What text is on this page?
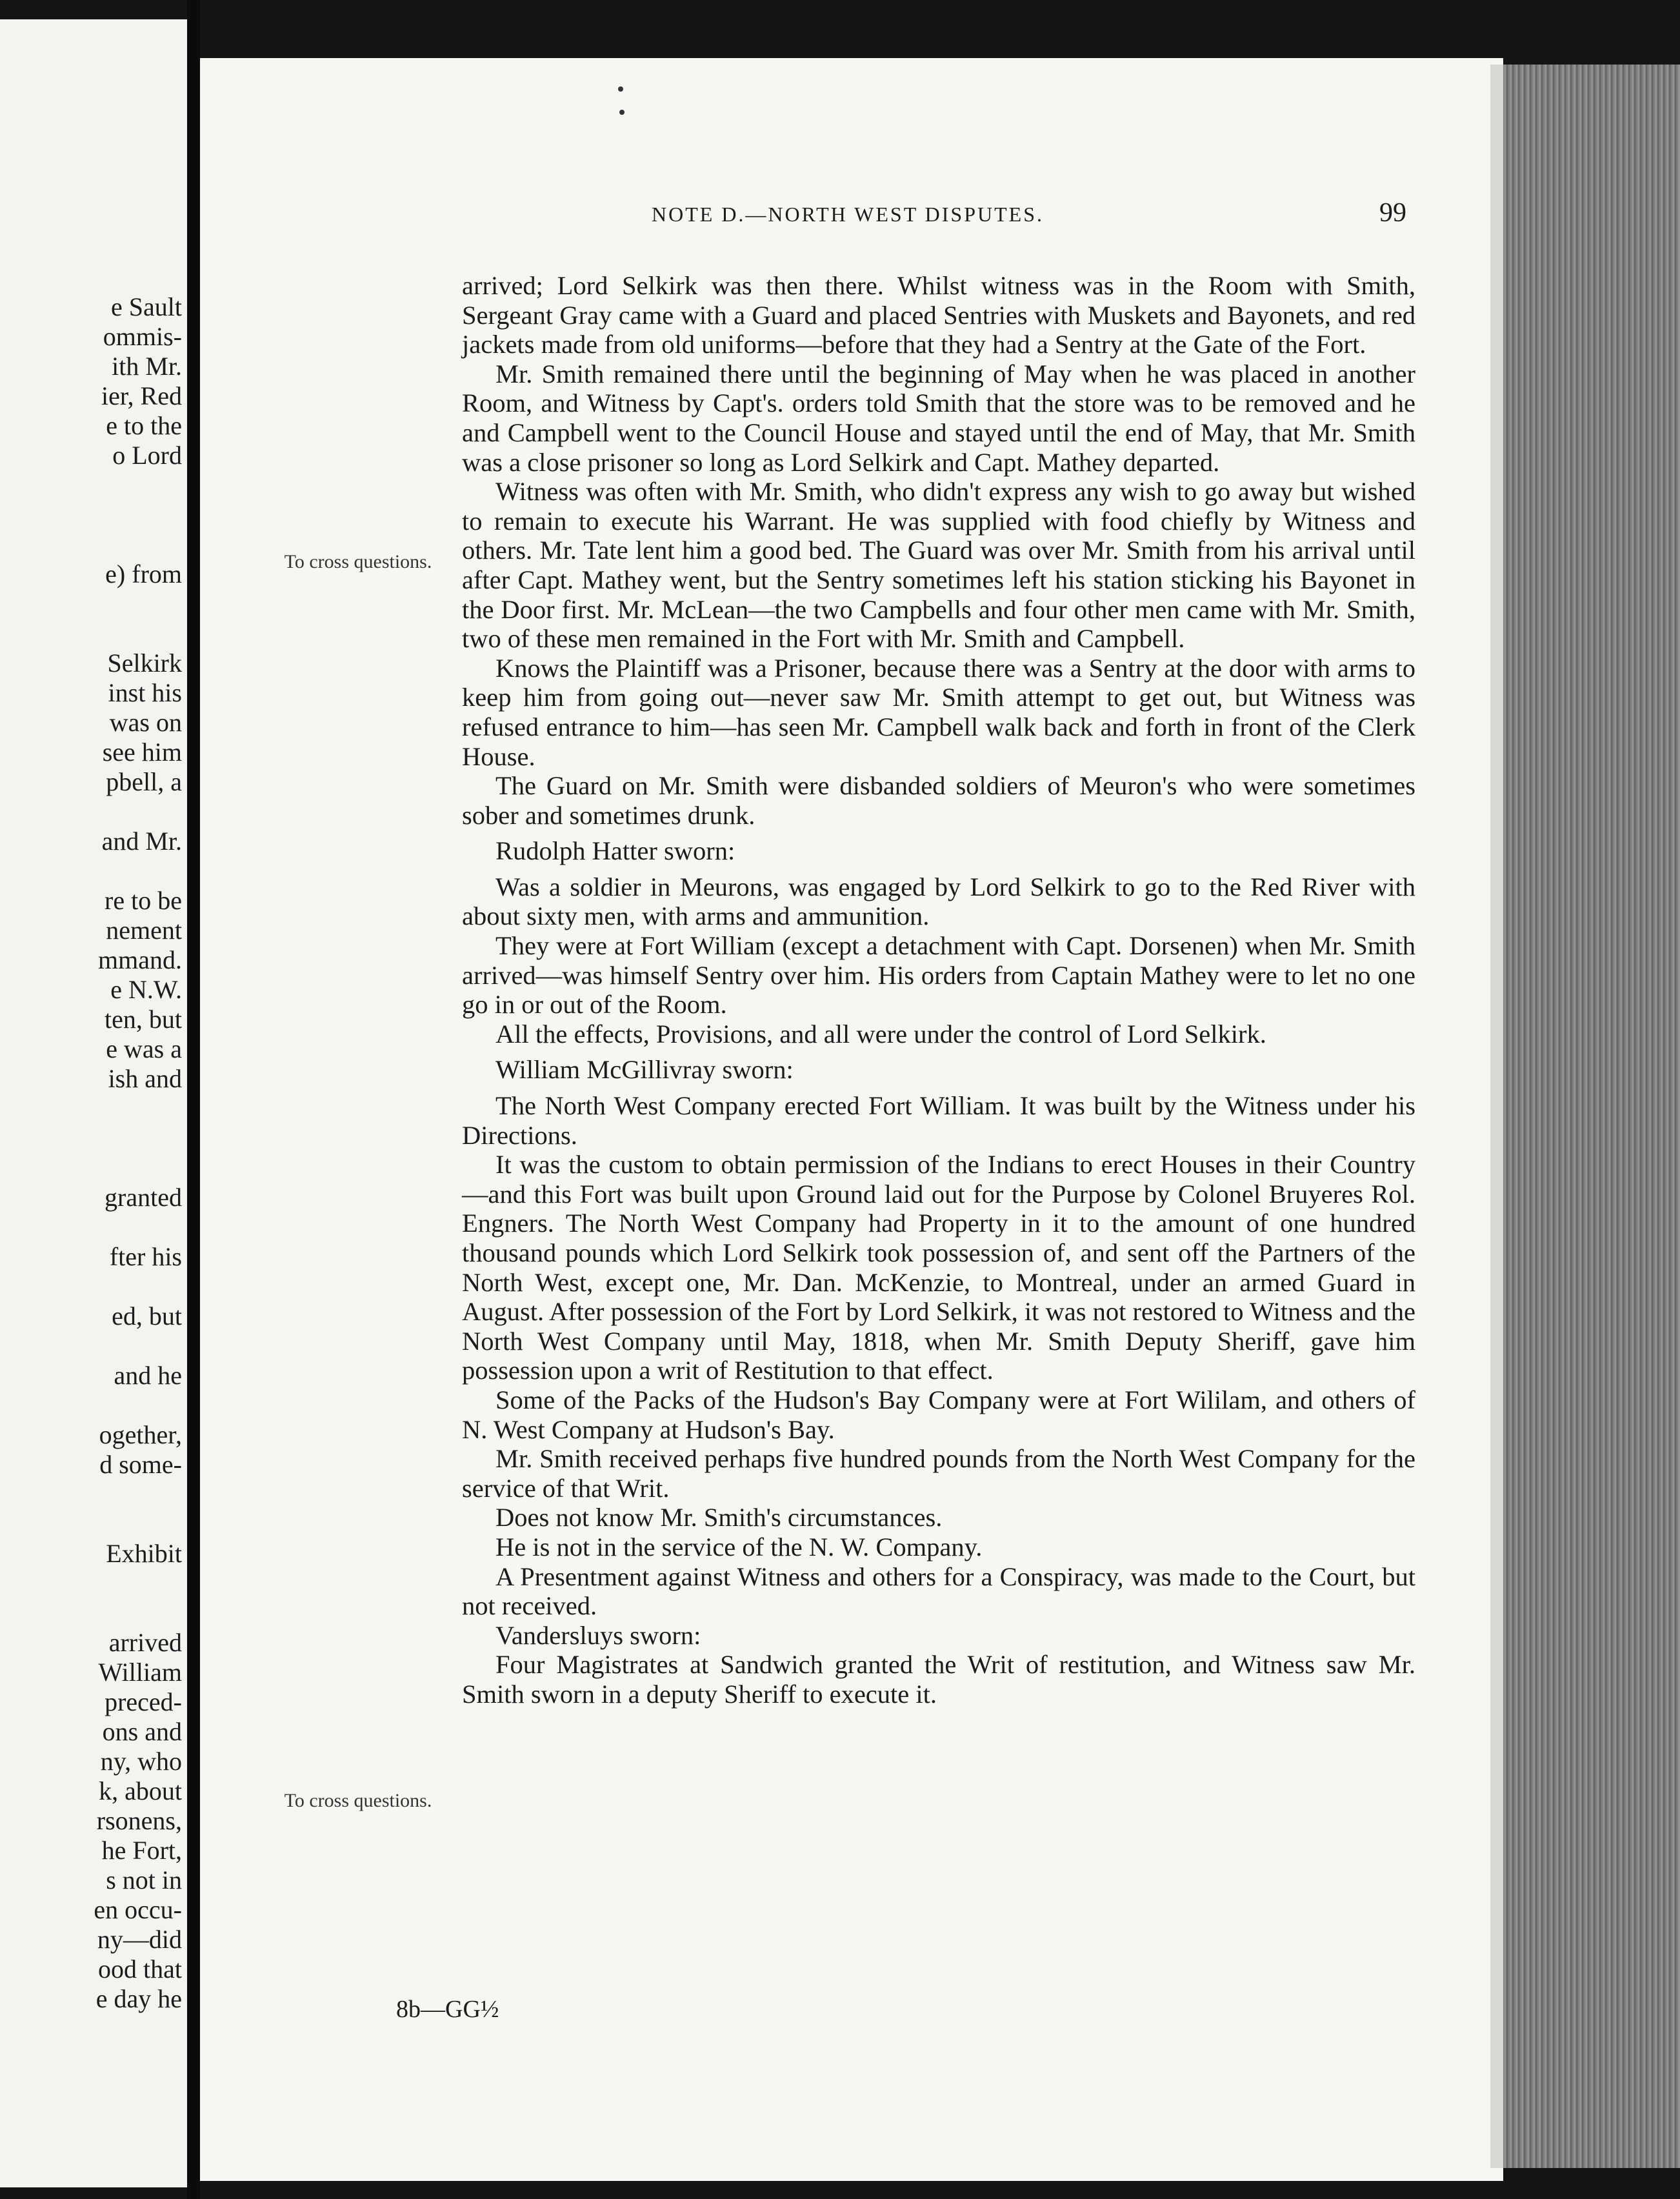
e Sault
ommis-
ith Mr.
ier, Red
e to the
o Lord
e) from
Selkirk
inst his
was on
see him
pbell, a
and Mr.
re to be
nement
mmand.
e N.W.
ten, but
e was a
ish and
granted
fter his
ed, but
and he
ogether,
d some-
Exhibit
arrived
William
preced-
ons and
ny, who
k, about
rsonens,
he Fort,
s not in
en occu-
ny—did
ood that
e day he
NOTE D.—NORTH WEST DISPUTES.	99
To cross questions.
To cross questions.

arrived; Lord Selkirk was then there. Whilst witness was in the Room with Smith, Sergeant Gray came with a Guard and placed Sentries with Muskets and Bayonets, and red jackets made from old uniforms—before that they had a Sentry at the Gate of the Fort.

Mr. Smith remained there until the beginning of May when he was placed in another Room, and Witness by Capt's. orders told Smith that the store was to be removed and he and Campbell went to the Council House and stayed until the end of May, that Mr. Smith was a close prisoner so long as Lord Selkirk and Capt. Mathey departed.

Witness was often with Mr. Smith, who didn't express any wish to go away but wished to remain to execute his Warrant. He was supplied with food chiefly by Witness and others. Mr. Tate lent him a good bed. The Guard was over Mr. Smith from his arrival until after Capt. Mathey went, but the Sentry sometimes left his station sticking his Bayonet in the Door first. Mr. McLean—the two Campbells and four other men came with Mr. Smith, two of these men remained in the Fort with Mr. Smith and Campbell.

Knows the Plaintiff was a Prisoner, because there was a Sentry at the door with arms to keep him from going out—never saw Mr. Smith attempt to get out, but Witness was refused entrance to him—has seen Mr. Campbell walk back and forth in front of the Clerk House.

The Guard on Mr. Smith were disbanded soldiers of Meuron's who were sometimes sober and sometimes drunk.

Rudolph Hatter sworn:

Was a soldier in Meurons, was engaged by Lord Selkirk to go to the Red River with about sixty men, with arms and ammunition.

They were at Fort William (except a detachment with Capt. Dorsenen) when Mr. Smith arrived—was himself Sentry over him. His orders from Captain Mathey were to let no one go in or out of the Room.

All the effects, Provisions, and all were under the control of Lord Selkirk.

William McGillivray sworn:

The North West Company erected Fort William. It was built by the Witness under his Directions.

It was the custom to obtain permission of the Indians to erect Houses in their Country—and this Fort was built upon Ground laid out for the Purpose by Colonel Bruyeres Rol. Engners. The North West Company had Property in it to the amount of one hundred thousand pounds which Lord Selkirk took possession of, and sent off the Partners of the North West, except one, Mr. Dan. McKenzie, to Montreal, under an armed Guard in August. After possession of the Fort by Lord Selkirk, it was not restored to Witness and the North West Company until May, 1818, when Mr. Smith Deputy Sheriff, gave him possession upon a writ of Restitution to that effect.

Some of the Packs of the Hudson's Bay Company were at Fort Wililam, and others of N. West Company at Hudson's Bay.

Mr. Smith received perhaps five hundred pounds from the North West Company for the service of that Writ.

Does not know Mr. Smith's circumstances.

He is not in the service of the N. W. Company.

A Presentment against Witness and others for a Conspiracy, was made to the Court, but not received.

Vandersluys sworn:

Four Magistrates at Sandwich granted the Writ of restitution, and Witness saw Mr. Smith sworn in a deputy Sheriff to execute it.

8b—GG½
